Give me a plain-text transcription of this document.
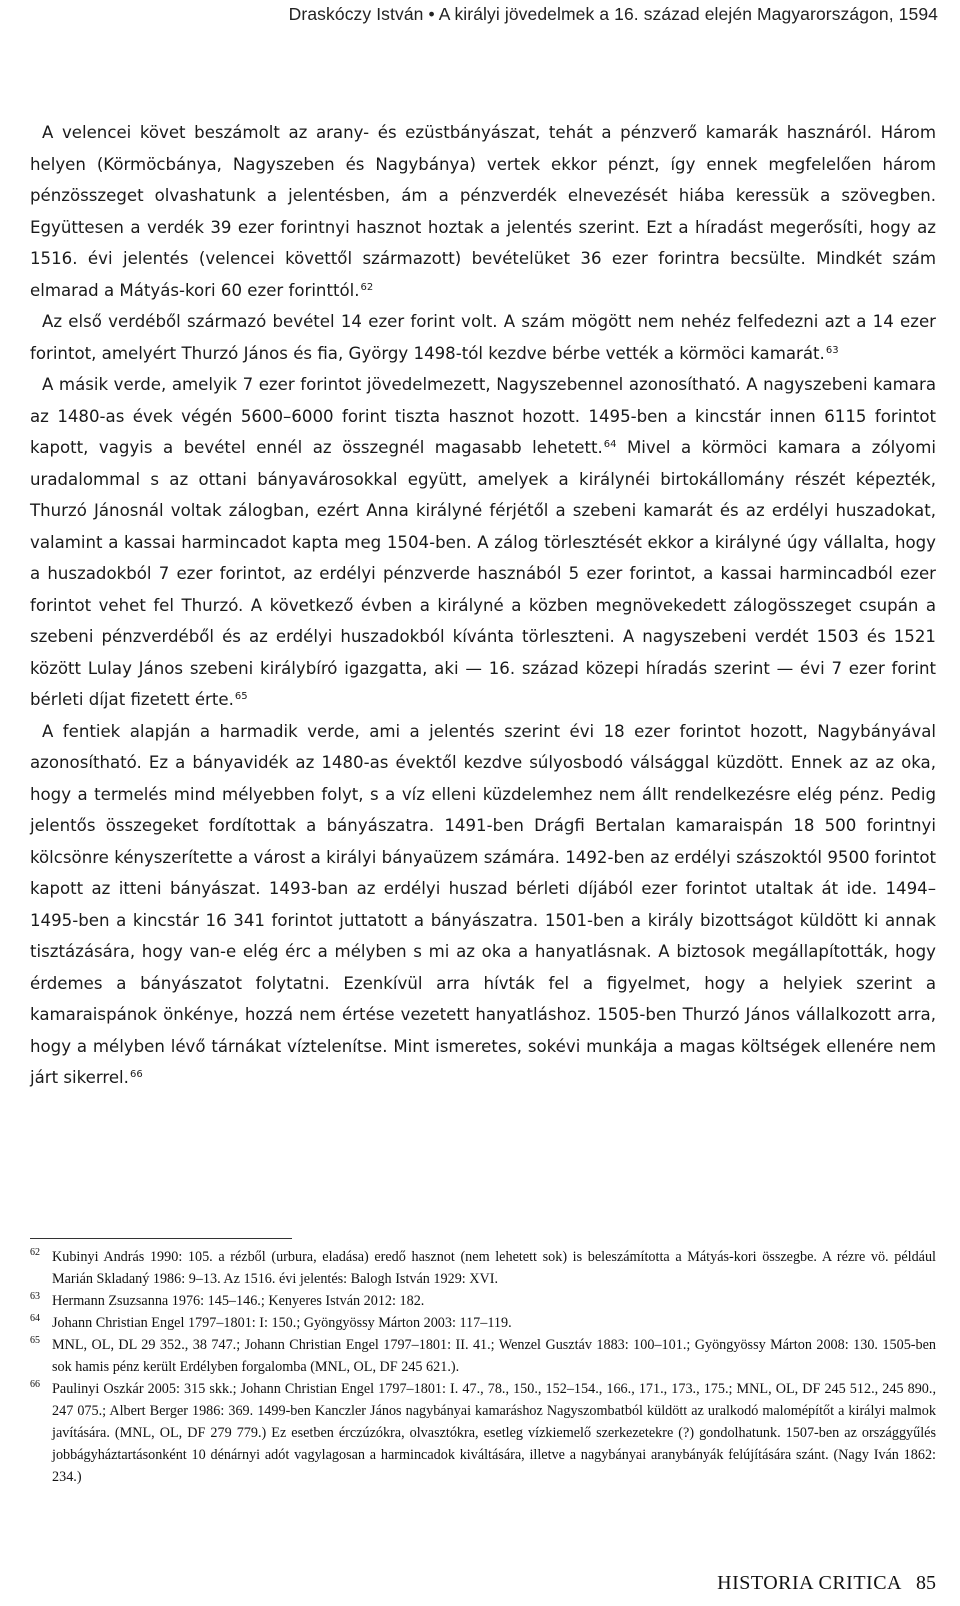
Draskóczy István • A királyi jövedelmek a 16. század elején Magyarországon, 1594

A velencei követ beszámolt az arany- és ezüstbányászat, tehát a pénzverő kamarák hasznáról. Három helyen (Körmöcbánya, Nagyszeben és Nagybánya) vertek ekkor pénzt, így ennek megfelelően három pénzösszeget olvashatunk a jelentésben, ám a pénzverdék elnevezését hiába keressük a szövegben. Együttesen a verdék 39 ezer forintnyi hasznot hoztak a jelentés szerint. Ezt a híradást megerősíti, hogy az 1516. évi jelentés (velencei követtől származott) bevételüket 36 ezer forintra becsülte. Mindkét szám elmarad a Mátyás-kori 60 ezer forinttól.$^{62}$

Az első verdéből származó bevétel 14 ezer forint volt. A szám mögött nem nehéz felfedezni azt a 14 ezer forintot, amelyért Thurzó János és fia, György 1498-tól kezdve bérbe vették a körmöci kamarát.$^{63}$

A másik verde, amelyik 7 ezer forintot jövedelmezett, Nagyszebennel azonosítható. A nagyszebeni kamara az 1480-as évek végén 5600–6000 forint tiszta hasznot hozott. 1495-ben a kincstár innen 6115 forintot kapott, vagyis a bevétel ennél az összegnél magasabb lehetett.$^{64}$ Mivel a körmöci kamara a zólyomi uradalommal s az ottani bányavárosokkal együtt, amelyek a királynéi birtokállomány részét képezték, Thurzó Jánosnál voltak zálogban, ezért Anna királyné férjétől a szebeni kamarát és az erdélyi huszadokat, valamint a kassai harmincadot kapta meg 1504-ben. A zálog törlesztését ekkor a királyné úgy vállalta, hogy a huszadokból 7 ezer forintot, az erdélyi pénzverde hasznából 5 ezer forintot, a kassai harmincadból ezer forintot vehet fel Thurzó. A következő évben a királyné a közben megnövekedett zálogösszeget csupán a szebeni pénzverdéből és az erdélyi huszadokból kívánta törleszteni. A nagyszebeni verdét 1503 és 1521 között Lulay János szebeni királybíró igazgatta, aki — 16. század közepi híradás szerint — évi 7 ezer forint bérleti díjat fizetett érte.$^{65}$

A fentiek alapján a harmadik verde, ami a jelentés szerint évi 18 ezer forintot hozott, Nagybányával azonosítható. Ez a bányavidék az 1480-as évektől kezdve súlyosbodó válsággal küzdött. Ennek az az oka, hogy a termelés mind mélyebben folyt, s a víz elleni küzdelemhez nem állt rendelkezésre elég pénz. Pedig jelentős összegeket fordítottak a bányászatra. 1491-ben Drágfi Bertalan kamaraispán 18 500 forintnyi kölcsönre kényszerítette a várost a királyi bányaüzem számára. 1492-ben az erdélyi szászoktól 9500 forintot kapott az itteni bányászat. 1493-ban az erdélyi huszad bérleti díjából ezer forintot utaltak át ide. 1494–1495-ben a kincstár 16 341 forintot juttatott a bányászatra. 1501-ben a király bizottságot küldött ki annak tisztázására, hogy van-e elég érc a mélyben s mi az oka a hanyatlásnak. A biztosok megállapították, hogy érdemes a bányászatot folytatni. Ezenkívül arra hívták fel a figyelmet, hogy a helyiek szerint a kamaraispánok önkénye, hozzá nem értése vezetett hanyatláshoz. 1505-ben Thurzó János vállalkozott arra, hogy a mélyben lévő tárnákat víztelenítse. Mint ismeretes, sokévi munkája a magas költségek ellenére nem járt sikerrel.$^{66}$

62 Kubinyi András 1990: 105. a rézből (urbura, eladása) eredő hasznot (nem lehetett sok) is beleszámította a Mátyás-kori összegbe. A rézre vö. például Marián Skladaný 1986: 9–13. Az 1516. évi jelentés: Balogh István 1929: XVI.
63 Hermann Zsuzsanna 1976: 145–146.; Kenyeres István 2012: 182.
64 Johann Christian Engel 1797–1801: I: 150.; Gyöngyössy Márton 2003: 117–119.
65 MNL, OL, DL 29 352., 38 747.; Johann Christian Engel 1797–1801: II. 41.; Wenzel Gusztáv 1883: 100–101.; Gyöngyössy Márton 2008: 130. 1505-ben sok hamis pénz került Erdélyben forgalomba (MNL, OL, DF 245 621.).
66 Paulinyi Oszkár 2005: 315 skk.; Johann Christian Engel 1797–1801: I. 47., 78., 150., 152–154., 166., 171., 173., 175.; MNL, OL, DF 245 512., 245 890., 247 075.; Albert Berger 1986: 369. 1499-ben Kanczler János nagybányai kamaráshoz Nagyszombatból küldött az uralkodó malomépítőt a királyi malmok javítására. (MNL, OL, DF 279 779.) Ez esetben érczúzókra, olvasztókra, esetleg vízkiemelő szerkezetekre (?) gondolhatunk. 1507-ben az országgyűlés jobbágyháztartásonként 10 dénárnyi adót vagylagosan a harmincadok kiváltására, illetve a nagybányai aranybányák felújítására szánt. (Nagy Iván 1862: 234.)
HISTORIA CRITICA 85
